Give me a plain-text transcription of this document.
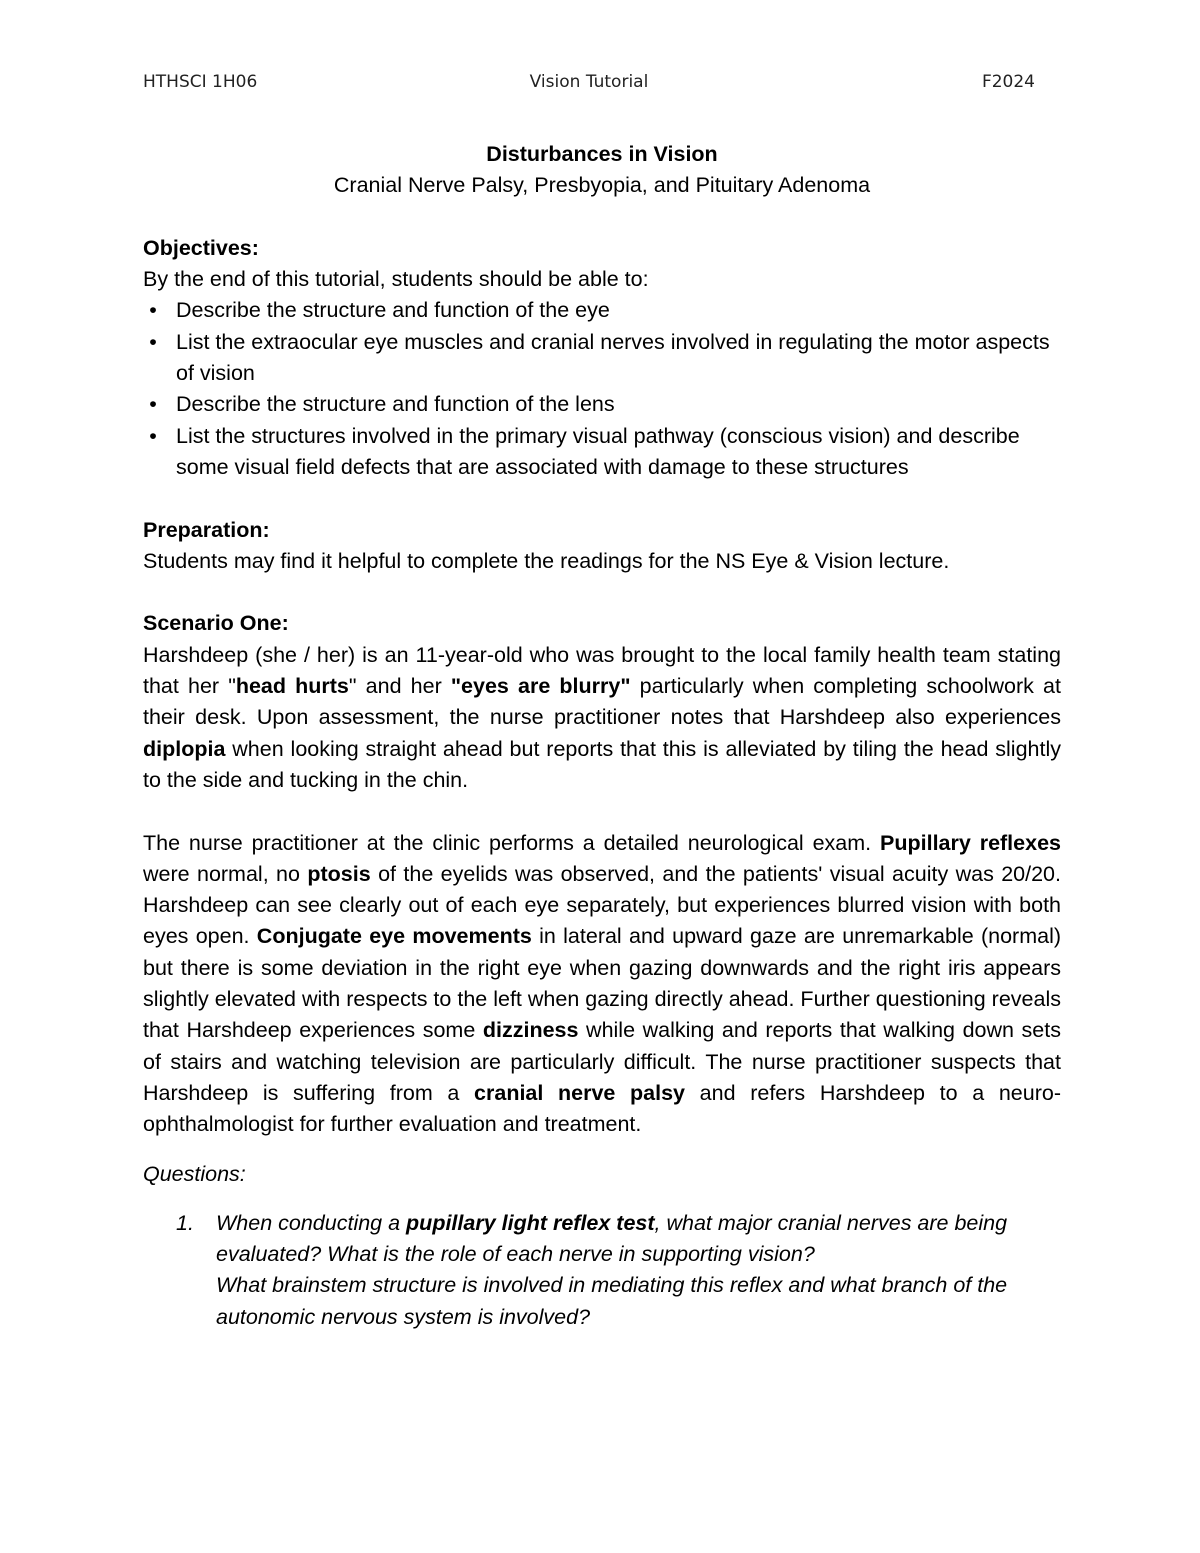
HTHSCI 1H06	Vision Tutorial	F2024
Disturbances in Vision
Cranial Nerve Palsy, Presbyopia, and Pituitary Adenoma
Objectives:
By the end of this tutorial, students should be able to:
• Describe the structure and function of the eye
• List the extraocular eye muscles and cranial nerves involved in regulating the motor aspects of vision
• Describe the structure and function of the lens
• List the structures involved in the primary visual pathway (conscious vision) and describe some visual field defects that are associated with damage to these structures
Preparation:
Students may find it helpful to complete the readings for the NS Eye & Vision lecture.
Scenario One:
Harshdeep (she / her) is an 11-year-old who was brought to the local family health team stating that her "head hurts" and her "eyes are blurry" particularly when completing schoolwork at their desk. Upon assessment, the nurse practitioner notes that Harshdeep also experiences diplopia when looking straight ahead but reports that this is alleviated by tiling the head slightly to the side and tucking in the chin.
The nurse practitioner at the clinic performs a detailed neurological exam. Pupillary reflexes were normal, no ptosis of the eyelids was observed, and the patients' visual acuity was 20/20. Harshdeep can see clearly out of each eye separately, but experiences blurred vision with both eyes open. Conjugate eye movements in lateral and upward gaze are unremarkable (normal) but there is some deviation in the right eye when gazing downwards and the right iris appears slightly elevated with respects to the left when gazing directly ahead. Further questioning reveals that Harshdeep experiences some dizziness while walking and reports that walking down sets of stairs and watching television are particularly difficult. The nurse practitioner suspects that Harshdeep is suffering from a cranial nerve palsy and refers Harshdeep to a neuro-ophthalmologist for further evaluation and treatment.
Questions:
1. When conducting a pupillary light reflex test, what major cranial nerves are being evaluated? What is the role of each nerve in supporting vision?
What brainstem structure is involved in mediating this reflex and what branch of the autonomic nervous system is involved?
